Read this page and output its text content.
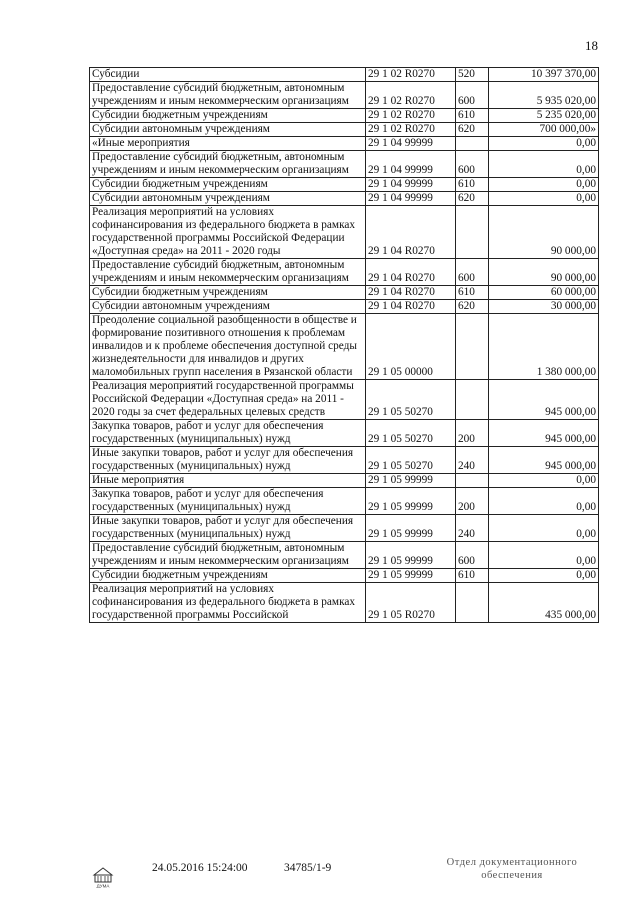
18
Субсидии	29 1 02 R0270	520	10 397 370,00
Предоставление субсидий бюджетным, автономным учреждениям и иным некоммерческим организациям	29 1 02 R0270	600	5 935 020,00
Субсидии бюджетным учреждениям	29 1 02 R0270	610	5 235 020,00
Субсидии автономным учреждениям	29 1 02 R0270	620	700 000,00»
«Иные мероприятия	29 1 04 99999		0,00
Предоставление субсидий бюджетным, автономным учреждениям и иным некоммерческим организациям	29 1 04 99999	600	0,00
Субсидии бюджетным учреждениям	29 1 04 99999	610	0,00
Субсидии автономным учреждениям	29 1 04 99999	620	0,00
Реализация мероприятий на условиях софинансирования из федерального бюджета в рамках государственной программы Российской Федерации «Доступная среда» на 2011 - 2020 годы	29 1 04 R0270		90 000,00
Предоставление субсидий бюджетным, автономным учреждениям и иным некоммерческим организациям	29 1 04 R0270	600	90 000,00
Субсидии бюджетным учреждениям	29 1 04 R0270	610	60 000,00
Субсидии автономным учреждениям	29 1 04 R0270	620	30 000,00
Преодоление социальной разобщенности в обществе и формирование позитивного отношения к проблемам инвалидов и к проблеме обеспечения доступной среды жизнедеятельности для инвалидов и других маломобильных групп населения в Рязанской области	29 1 05 00000		1 380 000,00
Реализация мероприятий государственной программы Российской Федерации «Доступная среда» на 2011 - 2020 годы за счет федеральных целевых средств	29 1 05 50270		945 000,00
Закупка товаров, работ и услуг для обеспечения государственных (муниципальных) нужд	29 1 05 50270	200	945 000,00
Иные закупки товаров, работ и услуг для обеспечения государственных (муниципальных) нужд	29 1 05 50270	240	945 000,00
Иные мероприятия	29 1 05 99999		0,00
Закупка товаров, работ и услуг для обеспечения государственных (муниципальных) нужд	29 1 05 99999	200	0,00
Иные закупки товаров, работ и услуг для обеспечения государственных (муниципальных) нужд	29 1 05 99999	240	0,00
Предоставление субсидий бюджетным, автономным учреждениям и иным некоммерческим организациям	29 1 05 99999	600	0,00
Субсидии бюджетным учреждениям	29 1 05 99999	610	0,00
Реализация мероприятий на условиях софинансирования из федерального бюджета в рамках государственной программы Российской	29 1 05 R0270		435 000,00
ДУМА
24.05.2016 15:24:00	34785/1-9	Отдел документационного
обеспечения
